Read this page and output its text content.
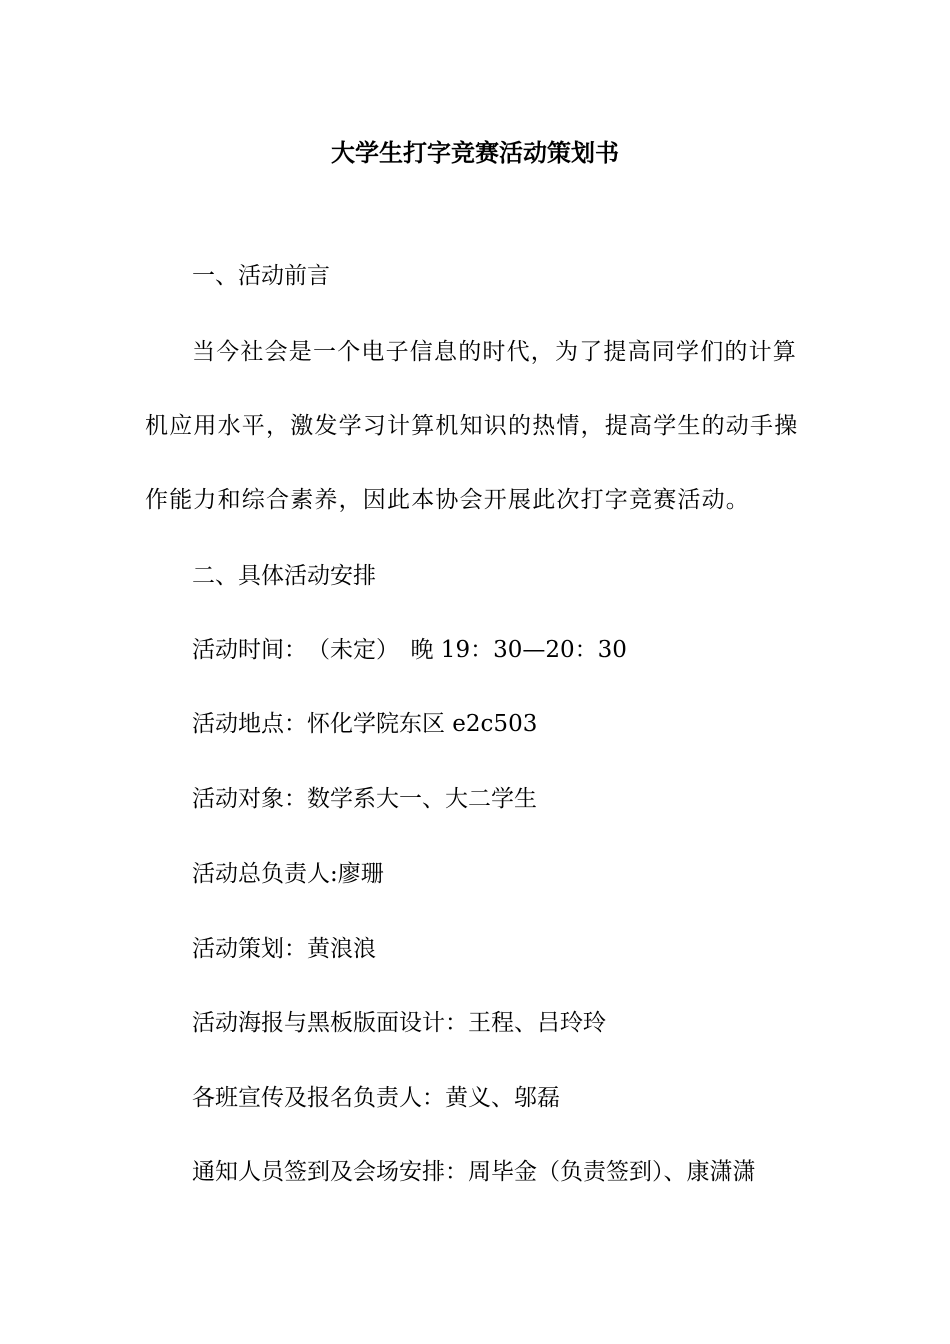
大学生打字竞赛活动策划书
一、活动前言
当今社会是一个电子信息的时代，为了提高同学们的计算
机应用水平，激发学习计算机知识的热情，提高学生的动手操
作能力和综合素养，因此本协会开展此次打字竞赛活动。
二、具体活动安排
活动时间：　（未定）　晚 19：30—20：30
活动地点：怀化学院东区 e2c503
活动对象：数学系大一、大二学生
活动总负责人:廖珊
活动策划：黄浪浪
活动海报与黑板版面设计：王程、吕玲玲
各班宣传及报名负责人：黄义、邬磊
通知人员签到及会场安排：周毕金（负责签到）、康潇潇
